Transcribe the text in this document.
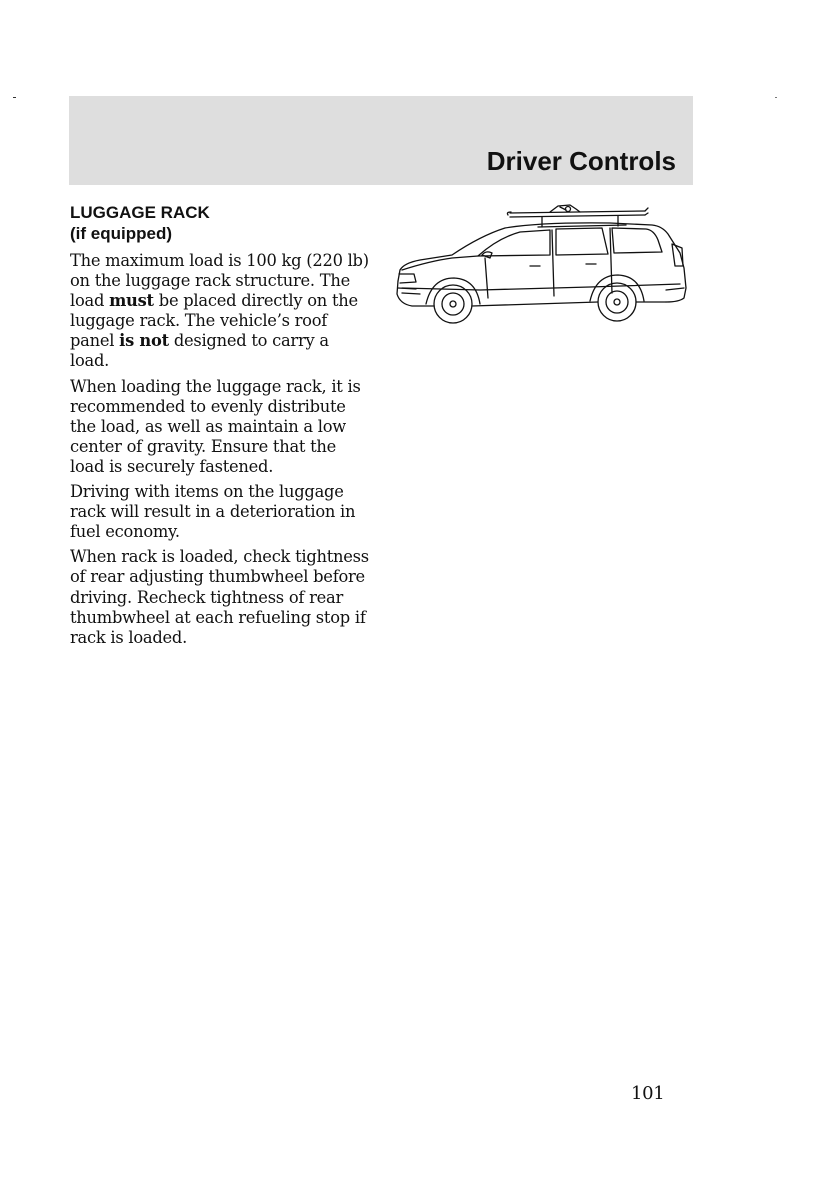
Driver Controls
LUGGAGE RACK
(if equipped)

The maximum load is 100 kg (220 lb) on the luggage rack structure. The load must be placed directly on the luggage rack. The vehicle’s roof panel is not designed to carry a load.

When loading the luggage rack, it is recommended to evenly distribute the load, as well as maintain a low center of gravity. Ensure that the load is securely fastened.

Driving with items on the luggage rack will result in a deterioration in fuel economy.

When rack is loaded, check tightness of rear adjusting thumbwheel before driving. Recheck tightness of rear thumbwheel at each refueling stop if rack is loaded.

101
